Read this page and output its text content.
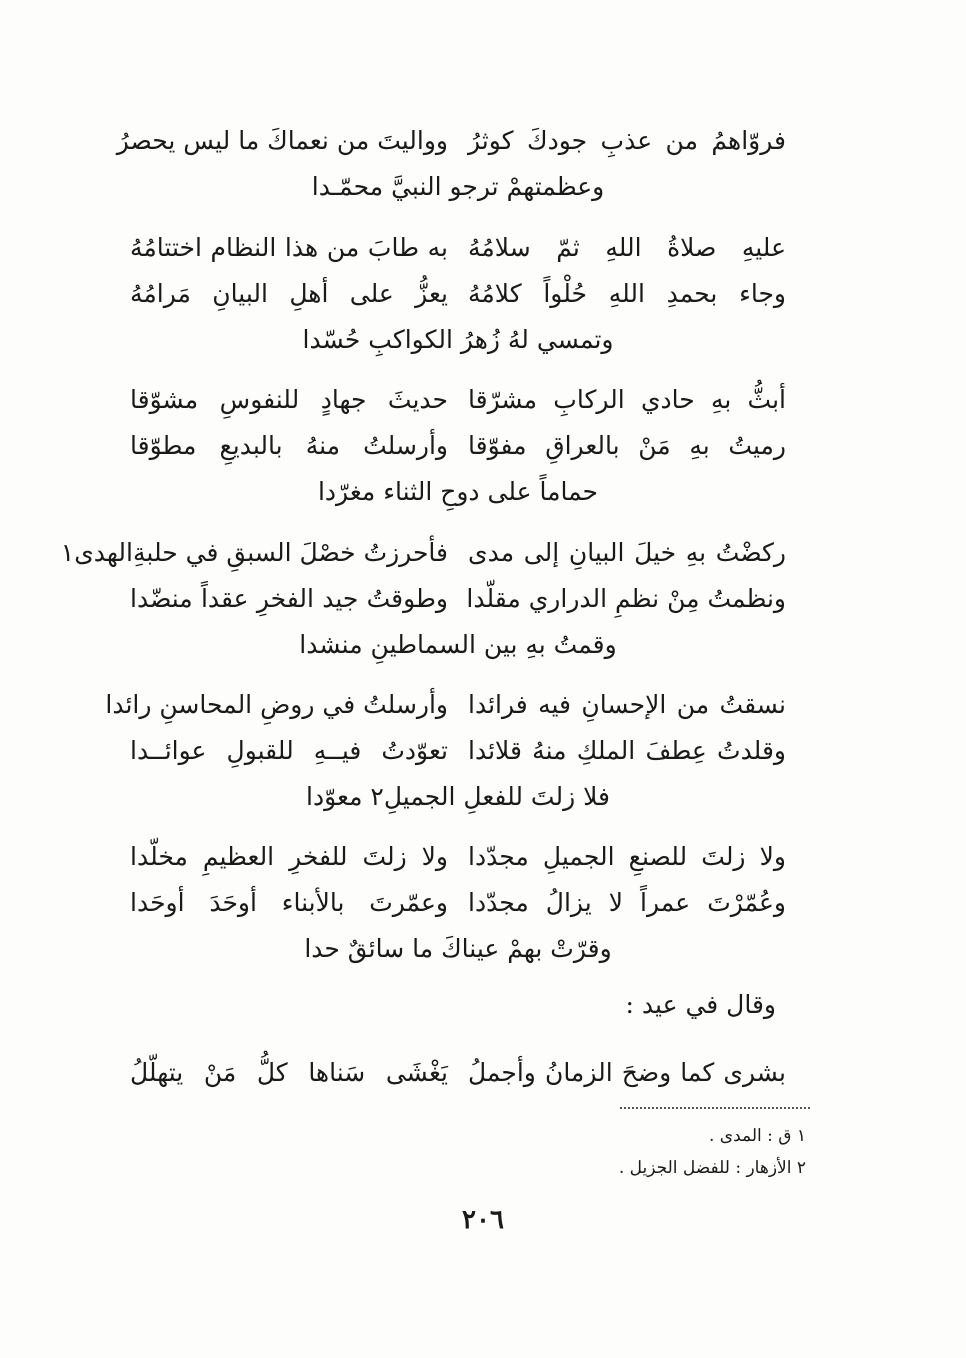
فروّاهمُ من عذبِ جودكَ كوثرُ
وواليتَ من نعماكَ ما ليس يحصرُ
وعظمتهمْ ترجو النبيَّ محمّـدا
عليهِ صلاةُ اللهِ ثمّ سلامُهُ
به طابَ من هذا النظام اختتامُهُ
وجاء بحمدِ اللهِ حُلْواً كلامُهُ
يعزُّ على أهلِ البيانِ مَرامُهُ
وتمسي لهُ زُهرُ الكواكبِ حُسّدا
أبثُّ بهِ حادي الركابِ مشرّقا
حديثَ جهادٍ للنفوسِ مشوّقا
رميتُ بهِ مَنْ بالعراقِ مفوّقا
وأرسلتُ منهُ بالبديعِ مطوّقا
حماماً على دوحِ الثناء مغرّدا
ركضْتُ بهِ خيلَ البيانِ إلى مدى
فأحرزتُ خصْلَ السبقِ في حلبةِالهدى١
ونظمتُ مِنْ نظمِ الدراري مقلّدا
وطوقتُ جيد الفخرِ عقداً منضّدا
وقمتُ بهِ بين السماطينِ منشدا
نسقتُ من الإحسانِ فيه فرائدا
وأرسلتُ في روضِ المحاسنِ رائدا
وقلدتُ عِطفَ الملكِ منهُ قلائدا
تعوّدتُ فيــهِ للقبولِ عوائــدا
فلا زلتَ للفعلِ الجميلِ٢ معوّدا
ولا زلتَ للصنعِ الجميلِ مجدّدا
ولا زلتَ للفخرِ العظيمِ مخلّدا
وعُمّرْتَ عمراً لا يزالُ مجدّدا
وعمّرتَ بالأبناء أوحَدَ أوحَدا
وقرّتْ بهمْ عيناكَ ما سائقٌ حدا
وقال في عيد :
بشرى كما وضحَ الزمانُ وأجملُ
يَغْشَى سَناها كلُّ مَنْ يتهلّلُ
١ ق : المدى .
٢ الأزهار : للفضل الجزيل .
٢٠٦
